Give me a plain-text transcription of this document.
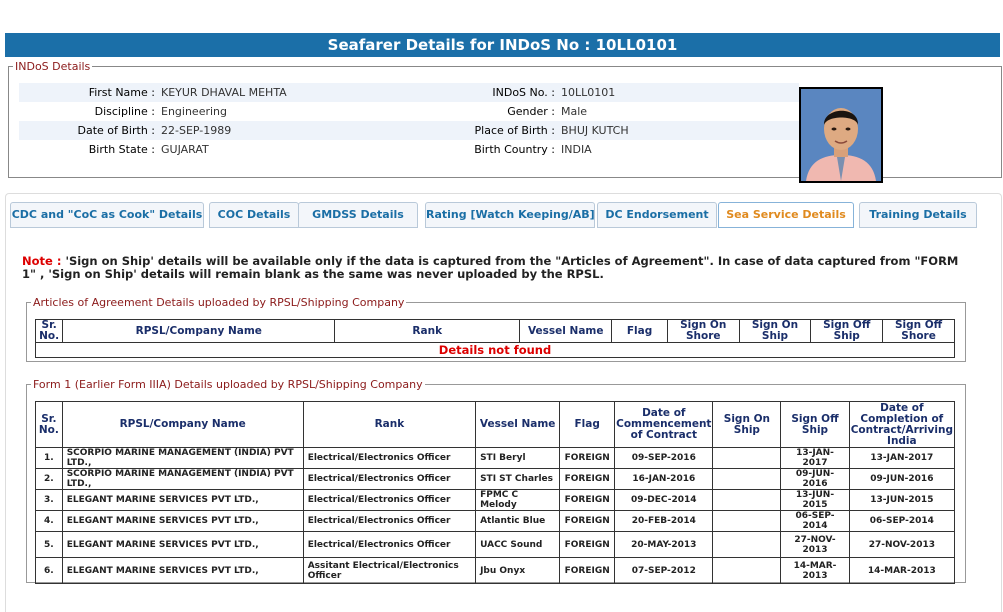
Seafarer Details for INDoS No : 10LL0101
INDoS Details
First Name :	KEYUR DHAVAL MEHTA	INDoS No. :	10LL0101
Discipline :	Engineering	Gender :	Male
Date of Birth :	22-SEP-1989	Place of Birth :	BHUJ KUTCH
Birth State :	GUJARAT	Birth Country :	INDIA
CDC and "CoC as Cook" Details	COC Details	GMDSS Details	Rating [Watch Keeping/AB] DC Endorsement	Sea Service Details	Training Details
Note : 'Sign on Ship' details will be available only if the data is captured from the "Articles of Agreement". In case of data captured from "FORM 1" , 'Sign on Ship' details will remain blank as the same was never uploaded by the RPSL.
Articles of Agreement Details uploaded by RPSL/Shipping Company
Sr. No.	RPSL/Company Name	Rank	Vessel Name	Flag	Sign On Shore	Sign On Ship	Sign Off Ship	Sign Off Shore
Details not found
Form 1 (Earlier Form IIIA) Details uploaded by RPSL/Shipping Company
Sr. No.	RPSL/Company Name	Rank	Vessel Name	Flag	Date of Commencement of Contract	Sign On Ship	Sign Off Ship	Date of Completion of Contract/Arriving India
1.	SCORPIO MARINE MANAGEMENT (INDIA) PVT LTD.,	Electrical/Electronics Officer	STI Beryl	FOREIGN	09-SEP-2016		13-JAN-2017	13-JAN-2017
2.	SCORPIO MARINE MANAGEMENT (INDIA) PVT LTD.,	Electrical/Electronics Officer	STI ST Charles	FOREIGN	16-JAN-2016		09-JUN-2016	09-JUN-2016
3.	ELEGANT MARINE SERVICES PVT LTD.,	Electrical/Electronics Officer	FPMC C Melody	FOREIGN	09-DEC-2014		13-JUN-2015	13-JUN-2015
4.	ELEGANT MARINE SERVICES PVT LTD.,	Electrical/Electronics Officer	Atlantic Blue	FOREIGN	20-FEB-2014		06-SEP-2014	06-SEP-2014
5.	ELEGANT MARINE SERVICES PVT LTD.,	Electrical/Electronics Officer	UACC Sound	FOREIGN	20-MAY-2013		27-NOV-2013	27-NOV-2013
6.	ELEGANT MARINE SERVICES PVT LTD.,	Assitant Electrical/Electronics Officer	Jbu Onyx	FOREIGN	07-SEP-2012		14-MAR-2013	14-MAR-2013
